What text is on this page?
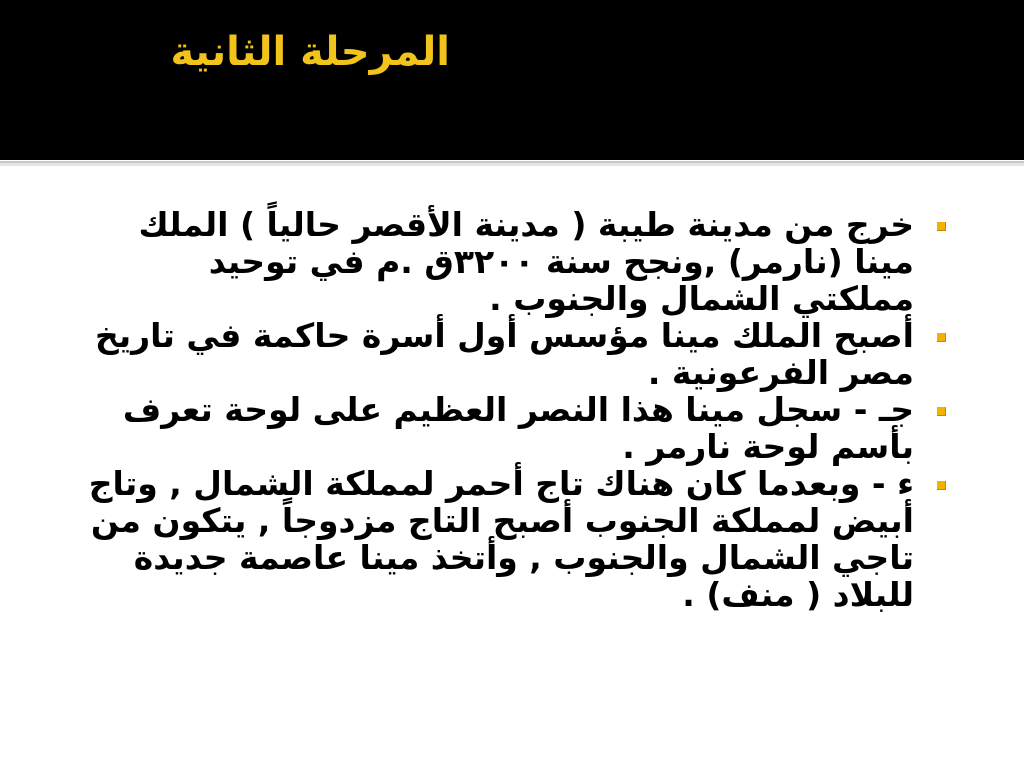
المرحلة الثانية
خرج من مدينة طيبة ( مدينة الأقصر حالياً ) الملك مينا (نارمر) ,ونجح سنة ٣٢٠٠ق .م في توحيد مملكتي الشمال والجنوب .
أصبح الملك مينا مؤسس أول أسرة حاكمة في تاريخ مصر الفرعونية .
جـ - سجل مينا هذا النصر العظيم على لوحة تعرف بأسم لوحة نارمر .
ء - وبعدما كان هناك تاج أحمر لمملكة الشمال , وتاج أبيض لمملكة الجنوب أصبح التاج مزدوجاً , يتكون من تاجي الشمال والجنوب , وأتخذ مينا عاصمة جديدة للبلاد ( منف) .
